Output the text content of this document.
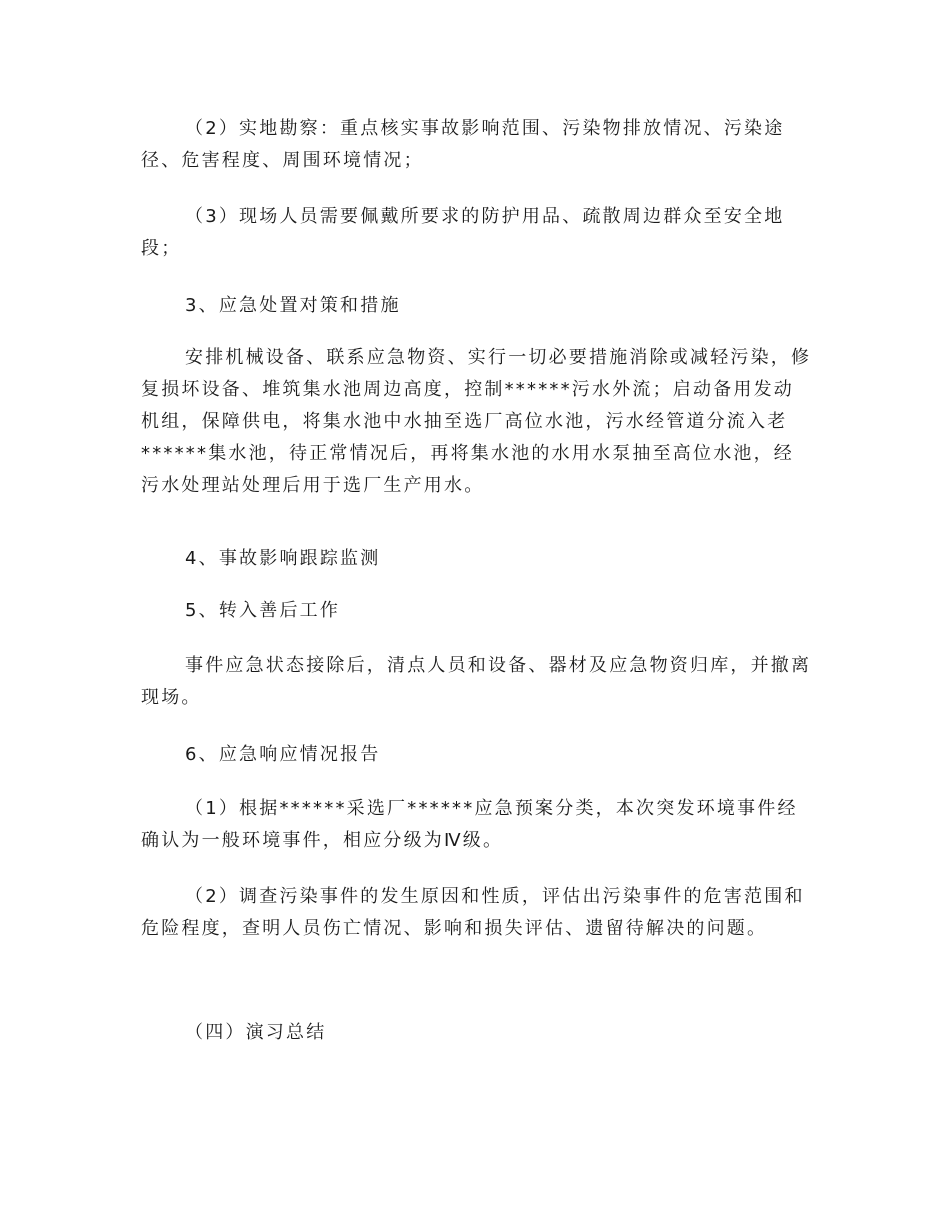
（2）实地勘察：重点核实事故影响范围、污染物排放情况、污染途径、危害程度、周围环境情况；

（3）现场人员需要佩戴所要求的防护用品、疏散周边群众至安全地段；

3、应急处置对策和措施

安排机械设备、联系应急物资、实行一切必要措施消除或减轻污染，修复损坏设备、堆筑集水池周边高度，控制******污水外流；启动备用发动机组，保障供电，将集水池中水抽至选厂高位水池，污水经管道分流入老******集水池，待正常情况后，再将集水池的水用水泵抽至高位水池，经污水处理站处理后用于选厂生产用水。

4、事故影响跟踪监测

5、转入善后工作

事件应急状态接除后，清点人员和设备、器材及应急物资归库，并撤离现场。

6、应急响应情况报告

（1）根据******采选厂******应急预案分类，本次突发环境事件经确认为一般环境事件，相应分级为Ⅳ级。

（2）调查污染事件的发生原因和性质，评估出污染事件的危害范围和危险程度，查明人员伤亡情况、影响和损失评估、遗留待解决的问题。

（四）演习总结
